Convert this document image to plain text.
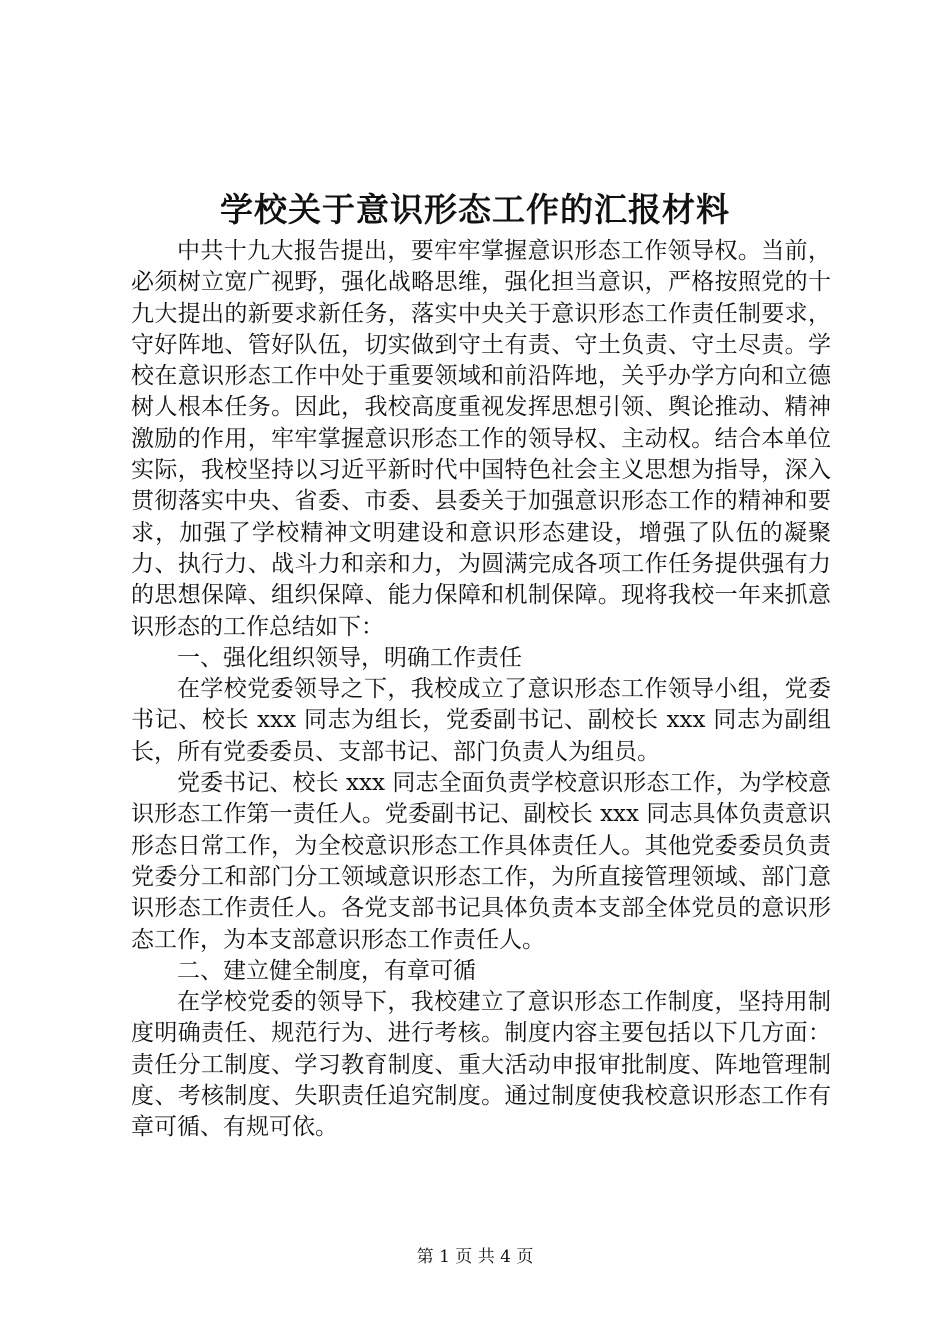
学校关于意识形态工作的汇报材料

中共十九大报告提出，要牢牢掌握意识形态工作领导权。当前，必须树立宽广视野，强化战略思维，强化担当意识，严格按照党的十九大提出的新要求新任务，落实中央关于意识形态工作责任制要求，守好阵地、管好队伍，切实做到守土有责、守土负责、守土尽责。学校在意识形态工作中处于重要领域和前沿阵地，关乎办学方向和立德树人根本任务。因此，我校高度重视发挥思想引领、舆论推动、精神激励的作用，牢牢掌握意识形态工作的领导权、主动权。结合本单位实际，我校坚持以习近平新时代中国特色社会主义思想为指导，深入贯彻落实中央、省委、市委、县委关于加强意识形态工作的精神和要求，加强了学校精神文明建设和意识形态建设，增强了队伍的凝聚力、执行力、战斗力和亲和力，为圆满完成各项工作任务提供强有力的思想保障、组织保障、能力保障和机制保障。现将我校一年来抓意识形态的工作总结如下：

一、强化组织领导，明确工作责任

在学校党委领导之下，我校成立了意识形态工作领导小组，党委书记、校长 xxx 同志为组长，党委副书记、副校长 xxx 同志为副组长，所有党委委员、支部书记、部门负责人为组员。

党委书记、校长 xxx 同志全面负责学校意识形态工作，为学校意识形态工作第一责任人。党委副书记、副校长 xxx 同志具体负责意识形态日常工作，为全校意识形态工作具体责任人。其他党委委员负责党委分工和部门分工领域意识形态工作，为所直接管理领域、部门意识形态工作责任人。各党支部书记具体负责本支部全体党员的意识形态工作，为本支部意识形态工作责任人。

二、建立健全制度，有章可循

在学校党委的领导下，我校建立了意识形态工作制度，坚持用制度明确责任、规范行为、进行考核。制度内容主要包括以下几方面：责任分工制度、学习教育制度、重大活动申报审批制度、阵地管理制度、考核制度、失职责任追究制度。通过制度使我校意识形态工作有章可循、有规可依。

第 1 页 共 4 页
